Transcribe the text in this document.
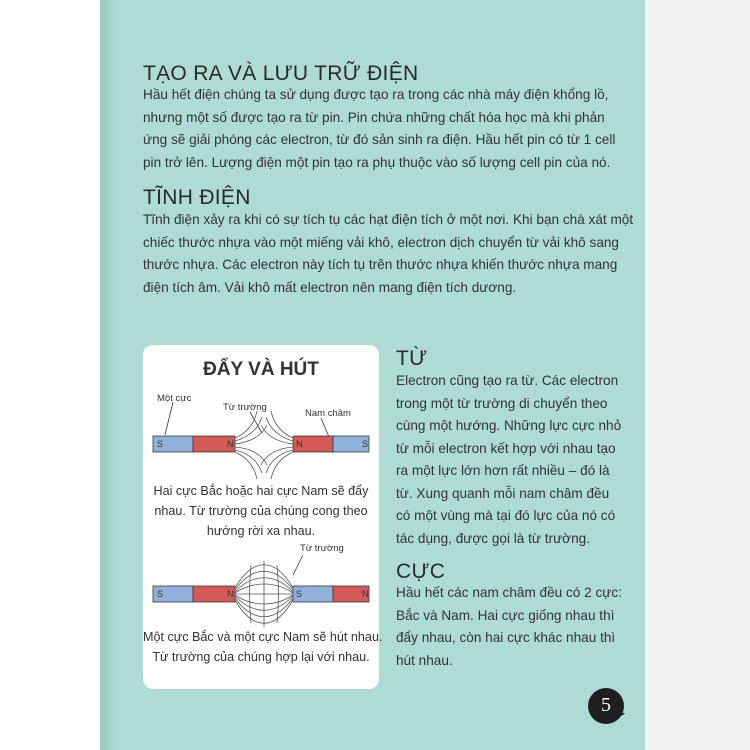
TẠO RA VÀ LƯU TRỮ ĐIỆN
Hầu hết điện chúng ta sử dụng được tạo ra trong các nhà máy điện khổng lồ,
nhưng một số được tạo ra từ pin. Pin chứa những chất hóa học mà khi phản
ứng sẽ giải phóng các electron, từ đó sản sinh ra điện. Hầu hết pin có từ 1 cell
pin trở lên. Lượng điện một pin tạo ra phụ thuộc vào số lượng cell pin của nó.
TĨNH ĐIỆN
Tĩnh điện xảy ra khi có sự tích tụ các hạt điện tích ở một nơi. Khi bạn chà xát một
chiếc thước nhựa vào một miếng vải khô, electron dịch chuyển từ vải khô sang
thước nhựa. Các electron này tích tụ trên thước nhựa khiến thước nhựa mang
điện tích âm. Vải khô mất electron nên mang điện tích dương.
ĐẨY VÀ HÚT
Một cực
Từ trường
Nam châm
S	N	N	S
Hai cực Bắc hoặc hai cực Nam sẽ đẩy
nhau. Từ trường của chúng cong theo
hướng rời xa nhau.
Từ trường
S	N	S	N
Một cực Bắc và một cực Nam sẽ hút nhau.
Từ trường của chúng hợp lại với nhau.
TỪ
Electron cũng tạo ra từ. Các electron
trong một từ trường di chuyển theo
cùng một hướng. Những lực cực nhỏ
từ mỗi electron kết hợp với nhau tạo
ra một lực lớn hơn rất nhiều – đó là
từ. Xung quanh mỗi nam châm đều
có một vùng mà tại đó lực của nó có
tác dụng, được gọi là từ trường.
CỰC
Hầu hết các nam châm đều có 2 cực:
Bắc và Nam. Hai cực giống nhau thì
đẩy nhau, còn hai cực khác nhau thì
hút nhau.
5
